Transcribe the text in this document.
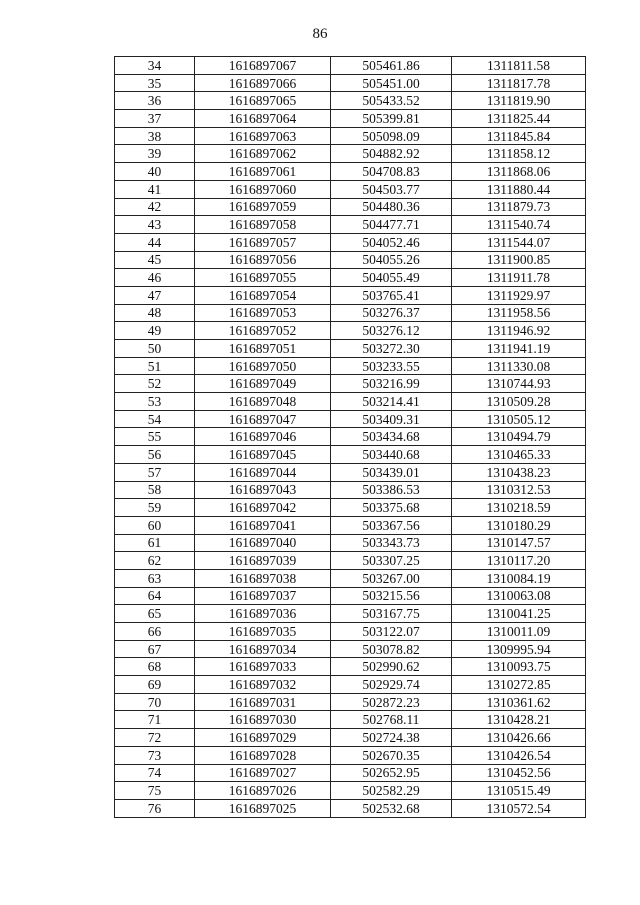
86
34	1616897067	505461.86	1311811.58
35	1616897066	505451.00	1311817.78
36	1616897065	505433.52	1311819.90
37	1616897064	505399.81	1311825.44
38	1616897063	505098.09	1311845.84
39	1616897062	504882.92	1311858.12
40	1616897061	504708.83	1311868.06
41	1616897060	504503.77	1311880.44
42	1616897059	504480.36	1311879.73
43	1616897058	504477.71	1311540.74
44	1616897057	504052.46	1311544.07
45	1616897056	504055.26	1311900.85
46	1616897055	504055.49	1311911.78
47	1616897054	503765.41	1311929.97
48	1616897053	503276.37	1311958.56
49	1616897052	503276.12	1311946.92
50	1616897051	503272.30	1311941.19
51	1616897050	503233.55	1311330.08
52	1616897049	503216.99	1310744.93
53	1616897048	503214.41	1310509.28
54	1616897047	503409.31	1310505.12
55	1616897046	503434.68	1310494.79
56	1616897045	503440.68	1310465.33
57	1616897044	503439.01	1310438.23
58	1616897043	503386.53	1310312.53
59	1616897042	503375.68	1310218.59
60	1616897041	503367.56	1310180.29
61	1616897040	503343.73	1310147.57
62	1616897039	503307.25	1310117.20
63	1616897038	503267.00	1310084.19
64	1616897037	503215.56	1310063.08
65	1616897036	503167.75	1310041.25
66	1616897035	503122.07	1310011.09
67	1616897034	503078.82	1309995.94
68	1616897033	502990.62	1310093.75
69	1616897032	502929.74	1310272.85
70	1616897031	502872.23	1310361.62
71	1616897030	502768.11	1310428.21
72	1616897029	502724.38	1310426.66
73	1616897028	502670.35	1310426.54
74	1616897027	502652.95	1310452.56
75	1616897026	502582.29	1310515.49
76	1616897025	502532.68	1310572.54
